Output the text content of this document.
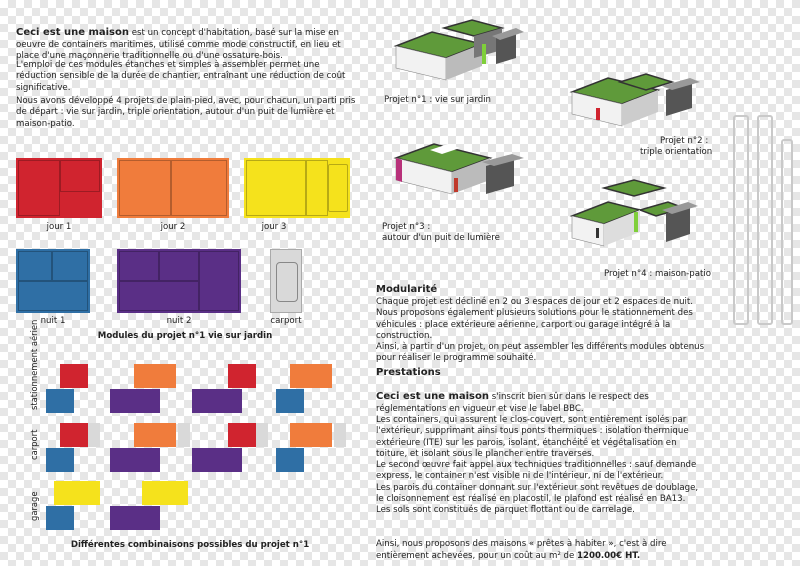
Ceci est une maison est un concept d'habitation, basé sur la mise en oeuvre de containers maritimes, utilisé comme mode constructif, en lieu et place d'une maçonnerie traditionnelle ou d'une ossature-bois.

L'emploi de ces modules étanches et simples à assembler permet une réduction sensible de la durée de chantier, entraînant une réduction de coût significative.
Nous avons développé 4 projets de plain-pied, avec, pour chacun, un parti pris de départ : vie sur jardin, triple orientation, autour d'un puit de lumière et maison-patio.
jour 1	jour 2	jour 3
nuit 1	nuit 2	carport
Modules du projet n°1 vie sur jardin
stationnement aérien
carport
garage
Différentes combinaisons possibles du projet n°1
Projet n°1 : vie sur jardin
Projet n°2 :
triple orientation
Projet n°3 :
autour d'un puit de lumière
Projet n°4 : maison-patio
Modularité
Chaque projet est décliné en 2 ou 3 espaces de jour et 2 espaces de nuit. Nous proposons également plusieurs solutions pour le stationnement des véhicules : place extérieure aérienne, carport ou garage intégré à la construction.
Ainsi, à partir d'un projet, on peut assembler les différents modules obtenus pour réaliser le programme souhaité.
Prestations

Ceci est une maison s'inscrit bien sûr dans le respect des réglementations en vigueur et vise le label BBC.

Les containers, qui assurent le clos-couvert, sont entièrement isolés par l'extérieur, supprimant ainsi tous ponts thermiques : isolation thermique extérieure (ITE) sur les parois, isolant, étanchéité et végétalisation en toiture, et isolant sous le plancher entre traverses.
Le second œuvre fait appel aux techniques traditionnelles : sauf demande express, le container n'est visible ni de l'intérieur, ni de l'extérieur.
Les parois du container donnant sur l'extérieur sont revêtues de doublage, le cloisonnement est réalisé en placostil, le plafond est réalisé en BA13.
Les sols sont constitués de parquet flottant ou de carrelage.

Ainsi, nous proposons des maisons « prêtes à habiter », c'est à dire entièrement achevées, pour un coût au m² de 1200.00€ HT.
